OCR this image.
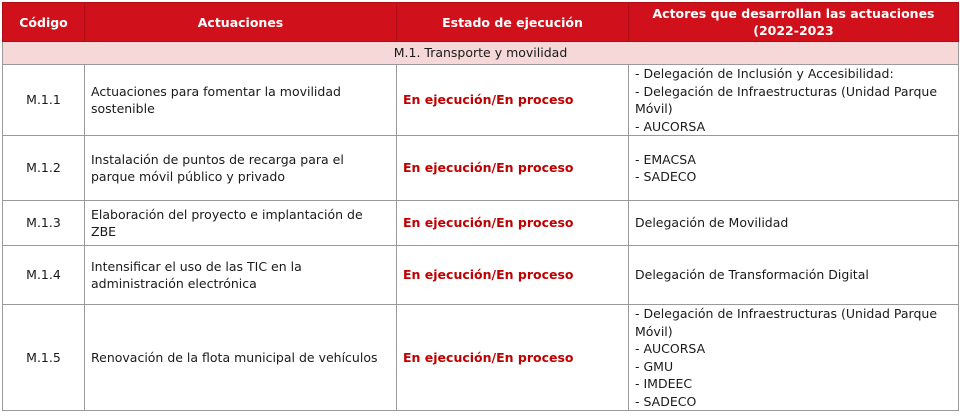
Código	Actuaciones	Estado de ejecución	Actores que desarrollan las actuaciones (2022-2023
M.1. Transporte y movilidad			
M.1.1	Actuaciones para fomentar la movilidad sostenible	En ejecución/En proceso	- Delegación de Inclusión y Accesibilidad:
- Delegación de Infraestructuras (Unidad Parque Móvil)
- AUCORSA

M.1.2	Instalación de puntos de recarga para el parque móvil público y privado	En ejecución/En proceso	- EMACSA
- SADECO

M.1.3	Elaboración del proyecto e implantación de ZBE	En ejecución/En proceso	Delegación de Movilidad

M.1.4	Intensificar el uso de las TIC en la administración electrónica	En ejecución/En proceso	Delegación de Transformación Digital

M.1.5	Renovación de la flota municipal de vehículos	En ejecución/En proceso	- Delegación de Infraestructuras (Unidad Parque Móvil)
- AUCORSA
- GMU
- IMDEEC
- SADECO
